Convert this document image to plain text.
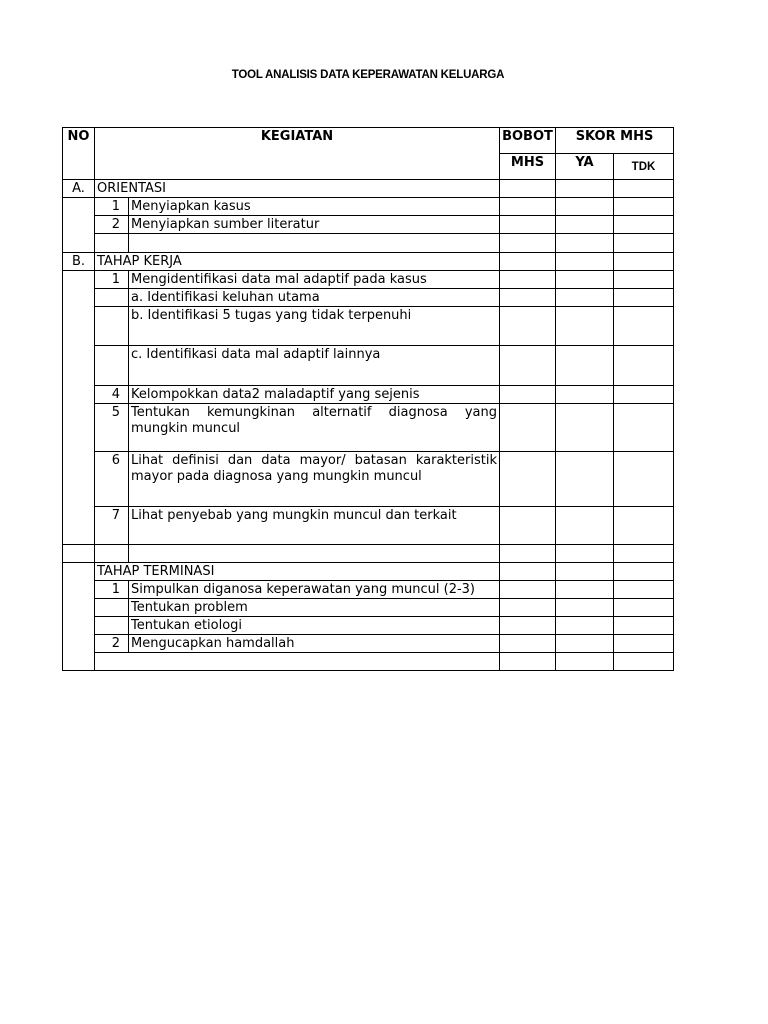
TOOL ANALISIS DATA KEPERAWATAN KELUARGA
NO	KEGIATAN		BOBOT	SKOR MHS	
			MHS	YA	TDK
A.	ORIENTASI				
	1	Menyiapkan kasus			
	2	Menyiapkan sumber literatur			

B.	TAHAP KERJA				
	1	Mengidentifikasi data mal adaptif pada kasus			
		a. Identifikasi keluhan utama			
		b. Identifikasi 5 tugas yang tidak terpenuhi			
		c. Identifikasi data mal adaptif lainnya			
	4	Kelompokkan data2 maladaptif yang sejenis			
	5	Tentukan kemungkinan alternatif diagnosa yang mungkin muncul			
	6	Lihat definisi dan data mayor/ batasan karakteristik mayor pada diagnosa yang mungkin muncul			
	7	Lihat penyebab yang mungkin muncul dan terkait			

	TAHAP TERMINASI				
	1	Simpulkan diganosa keperawatan yang muncul (2-3)			
		Tentukan problem			
		Tentukan etiologi			
	2	Mengucapkan hamdallah			
